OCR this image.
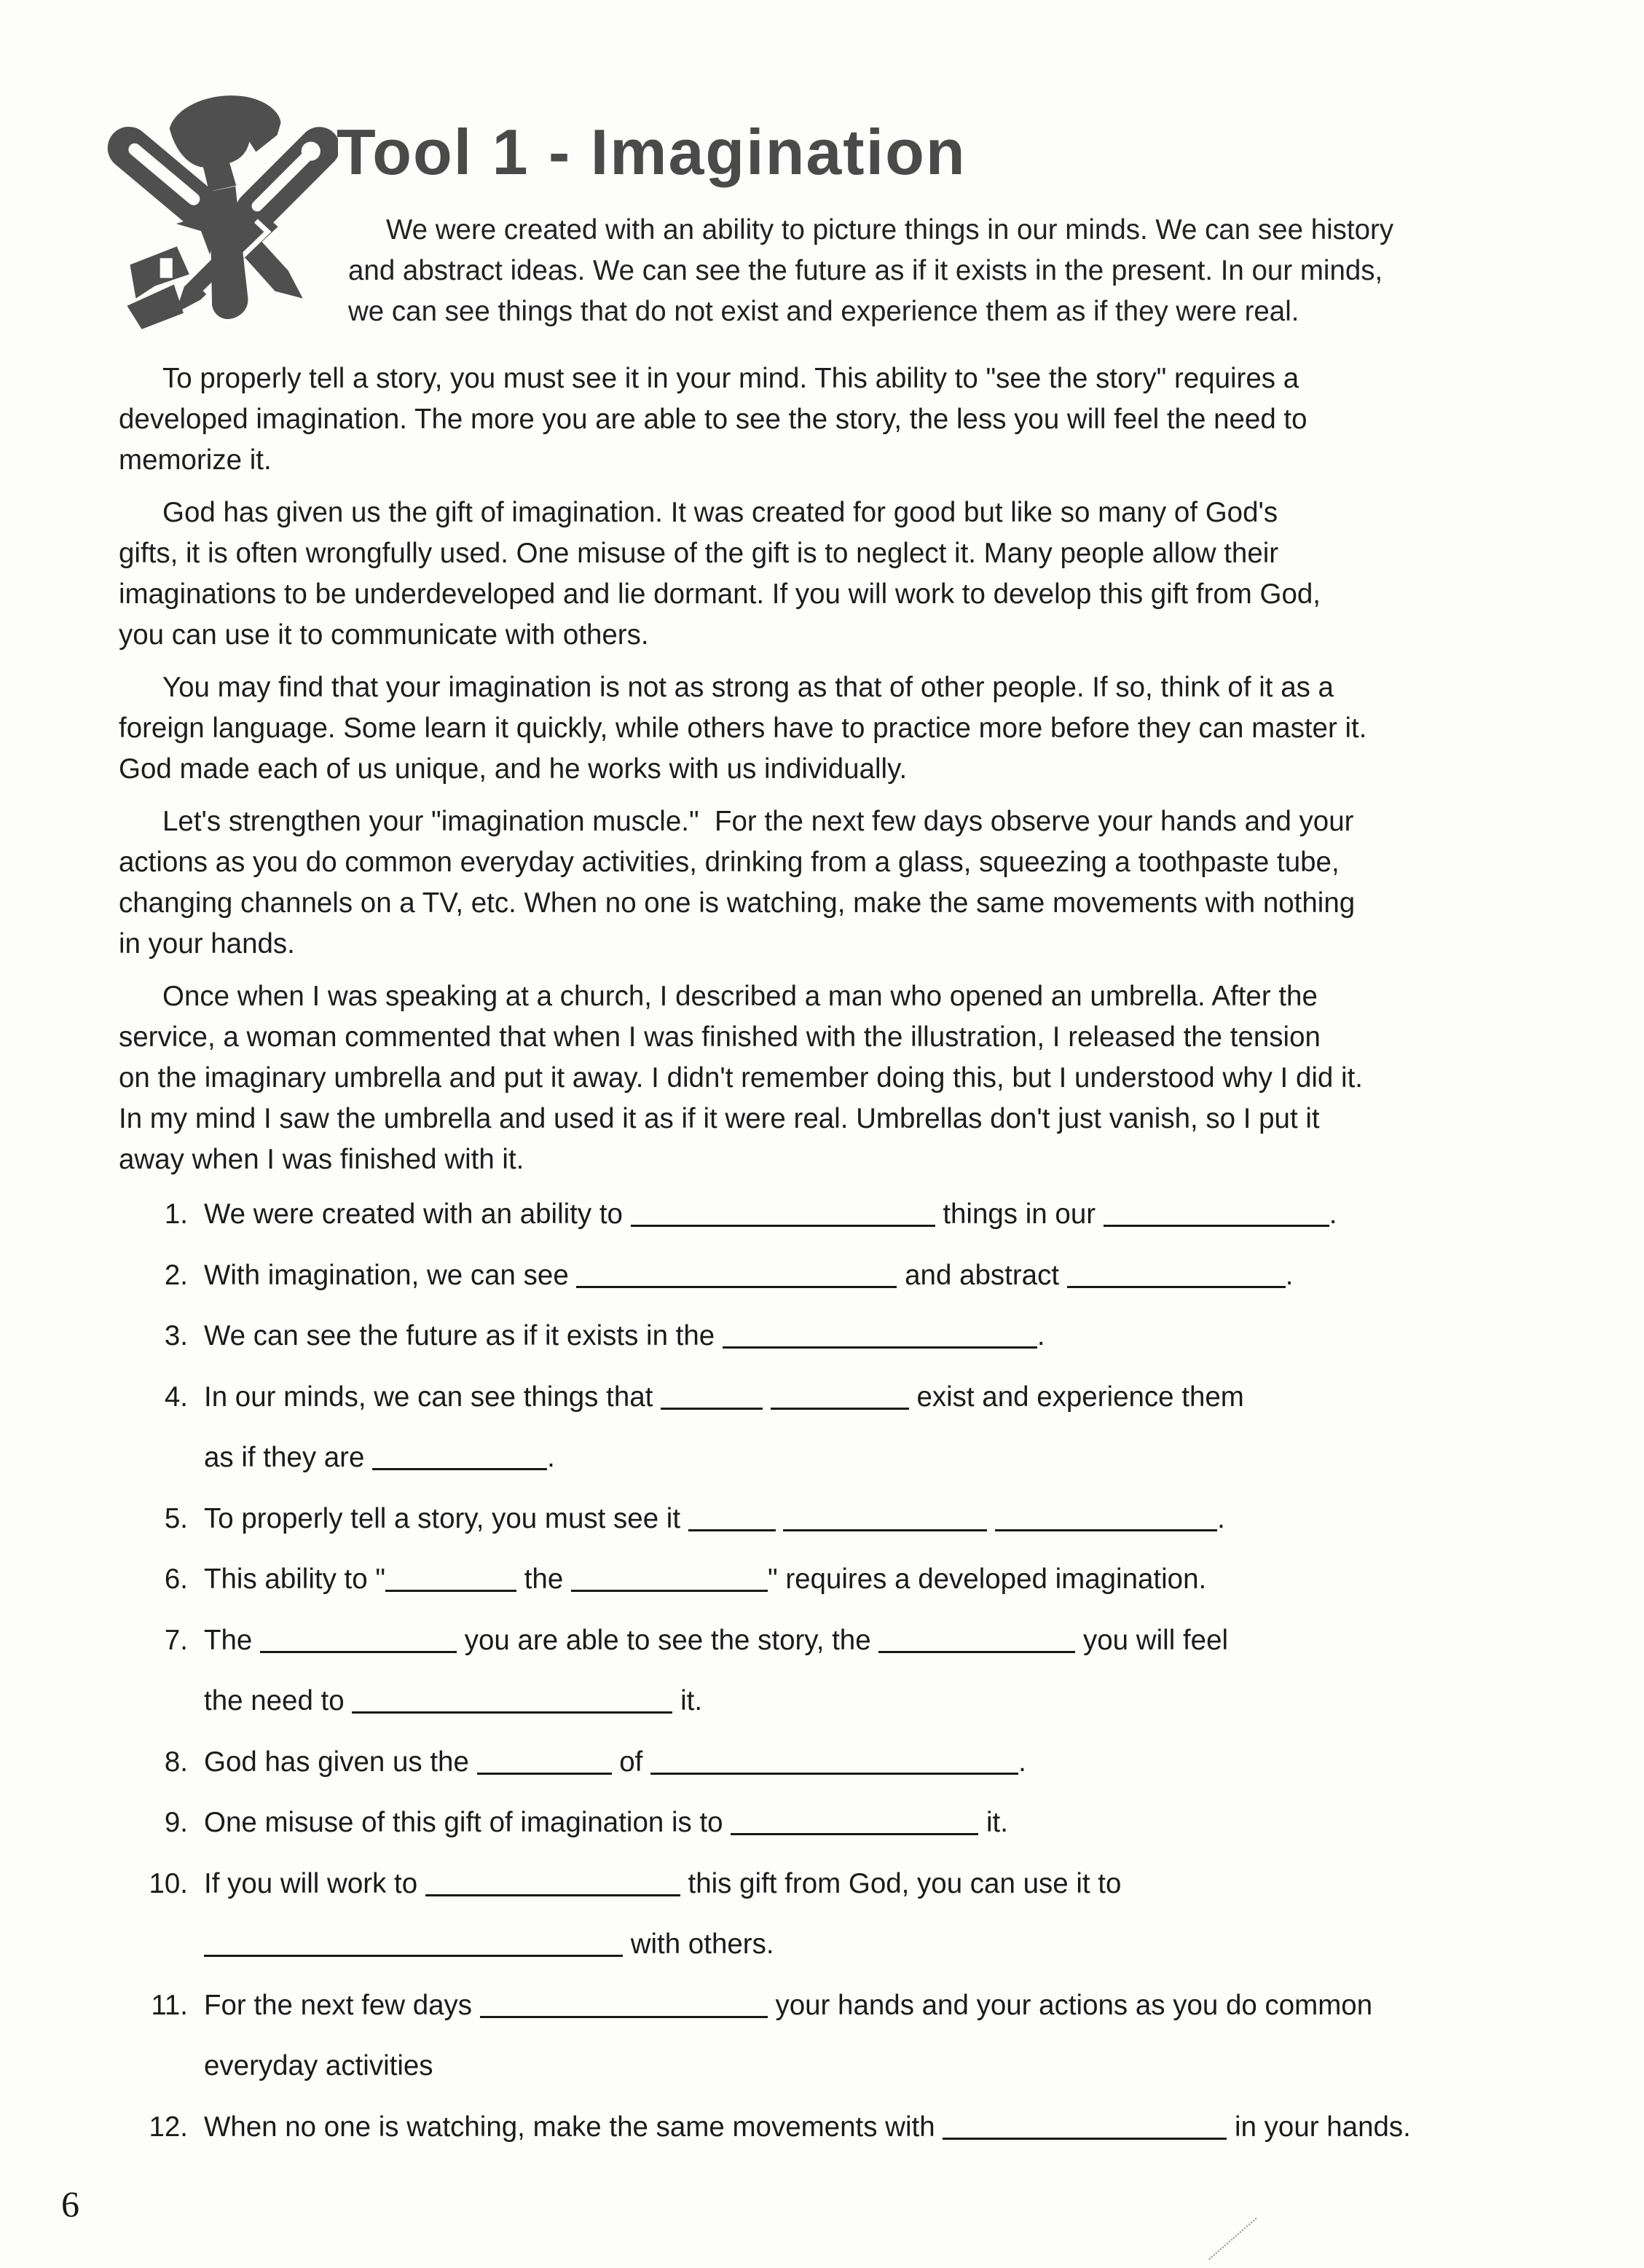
Tool 1 - Imagination
We were created with an ability to picture things in our minds. We can see history
and abstract ideas. We can see the future as if it exists in the present. In our minds,
we can see things that do not exist and experience them as if they were real.
To properly tell a story, you must see it in your mind. This ability to "see the story" requires a
developed imagination. The more you are able to see the story, the less you will feel the need to
memorize it.
God has given us the gift of imagination. It was created for good but like so many of God's
gifts, it is often wrongfully used. One misuse of the gift is to neglect it. Many people allow their
imaginations to be underdeveloped and lie dormant. If you will work to develop this gift from God,
you can use it to communicate with others.
You may find that your imagination is not as strong as that of other people. If so, think of it as a
foreign language. Some learn it quickly, while others have to practice more before they can master it.
God made each of us unique, and he works with us individually.
Let's strengthen your "imagination muscle."  For the next few days observe your hands and your
actions as you do common everyday activities, drinking from a glass, squeezing a toothpaste tube,
changing channels on a TV, etc. When no one is watching, make the same movements with nothing
in your hands.
Once when I was speaking at a church, I described a man who opened an umbrella. After the
service, a woman commented that when I was finished with the illustration, I released the tension
on the imaginary umbrella and put it away. I didn't remember doing this, but I understood why I did it.
In my mind I saw the umbrella and used it as if it were real. Umbrellas don't just vanish, so I put it
away when I was finished with it.
1. We were created with an ability to	things in our	.
2. With imagination, we can see	and abstract	.
3. We can see the future as if it exists in the	.
4. In our minds, we can see things that	exist and experience them
as if they are	.
5. To properly tell a story, you must see it	.
6. This ability to "	the	" requires a developed imagination.
7. The	you are able to see the story, the	you will feel
the need to	it.
8. God has given us the	of	.
9. One misuse of this gift of imagination is to	it.
10. If you will work to	this gift from God, you can use it to
with others.
11. For the next few days	your hands and your actions as you do common
everyday activities
12. When no one is watching, make the same movements with	in your hands.
6
